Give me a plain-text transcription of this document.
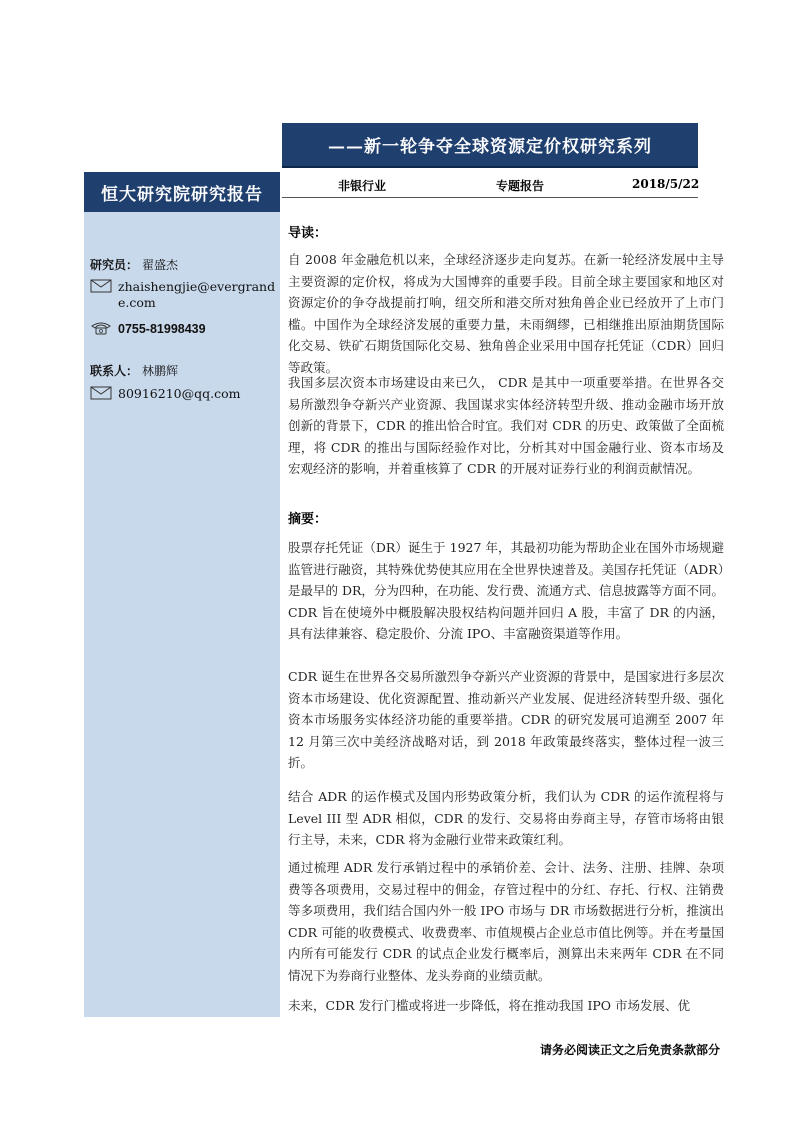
——新一轮争夺全球资源定价权研究系列
恒大研究院研究报告	非银行业	专题报告	2018/5/22
研究员： 翟盛杰
zhaishengjie@evergrande.com
0755-81998439
联系人： 林鹏辉
80916210@qq.com
导读：

自 2008 年金融危机以来，全球经济逐步走向复苏。在新一轮经济发展中主导主要资源的定价权，将成为大国博弈的重要手段。目前全球主要国家和地区对资源定价的争夺战提前打响，纽交所和港交所对独角兽企业已经放开了上市门槛。中国作为全球经济发展的重要力量，未雨绸缪，已相继推出原油期货国际化交易、铁矿石期货国际化交易、独角兽企业采用中国存托凭证（CDR）回归等政策。

我国多层次资本市场建设由来已久， CDR 是其中一项重要举措。在世界各交易所激烈争夺新兴产业资源、我国谋求实体经济转型升级、推动金融市场开放创新的背景下，CDR 的推出恰合时宜。我们对 CDR 的历史、政策做了全面梳理，将 CDR 的推出与国际经验作对比，分析其对中国金融行业、资本市场及宏观经济的影响，并着重核算了 CDR 的开展对证券行业的利润贡献情况。

摘要：

股票存托凭证（DR）诞生于 1927 年，其最初功能为帮助企业在国外市场规避监管进行融资，其特殊优势使其应用在全世界快速普及。美国存托凭证（ADR）是最早的 DR，分为四种，在功能、发行费、流通方式、信息披露等方面不同。CDR 旨在使境外中概股解决股权结构问题并回归 A 股，丰富了 DR 的内涵，具有法律兼容、稳定股价、分流 IPO、丰富融资渠道等作用。

CDR 诞生在世界各交易所激烈争夺新兴产业资源的背景中，是国家进行多层次资本市场建设、优化资源配置、推动新兴产业发展、促进经济转型升级、强化资本市场服务实体经济功能的重要举措。CDR 的研究发展可追溯至 2007 年 12 月第三次中美经济战略对话，到 2018 年政策最终落实，整体过程一波三折。

结合 ADR 的运作模式及国内形势政策分析，我们认为 CDR 的运作流程将与 Level III 型 ADR 相似，CDR 的发行、交易将由券商主导，存管市场将由银行主导，未来，CDR 将为金融行业带来政策红利。

通过梳理 ADR 发行承销过程中的承销价差、会计、法务、注册、挂牌、杂项费等各项费用，交易过程中的佣金，存管过程中的分红、存托、行权、注销费等多项费用，我们结合国内外一般 IPO 市场与 DR 市场数据进行分析，推演出 CDR 可能的收费模式、收费费率、市值规模占企业总市值比例等。并在考量国内所有可能发行 CDR 的试点企业发行概率后，测算出未来两年 CDR 在不同情况下为券商行业整体、龙头券商的业绩贡献。

未来，CDR 发行门槛或将进一步降低，将在推动我国 IPO 市场发展、优

请务必阅读正文之后免责条款部分
